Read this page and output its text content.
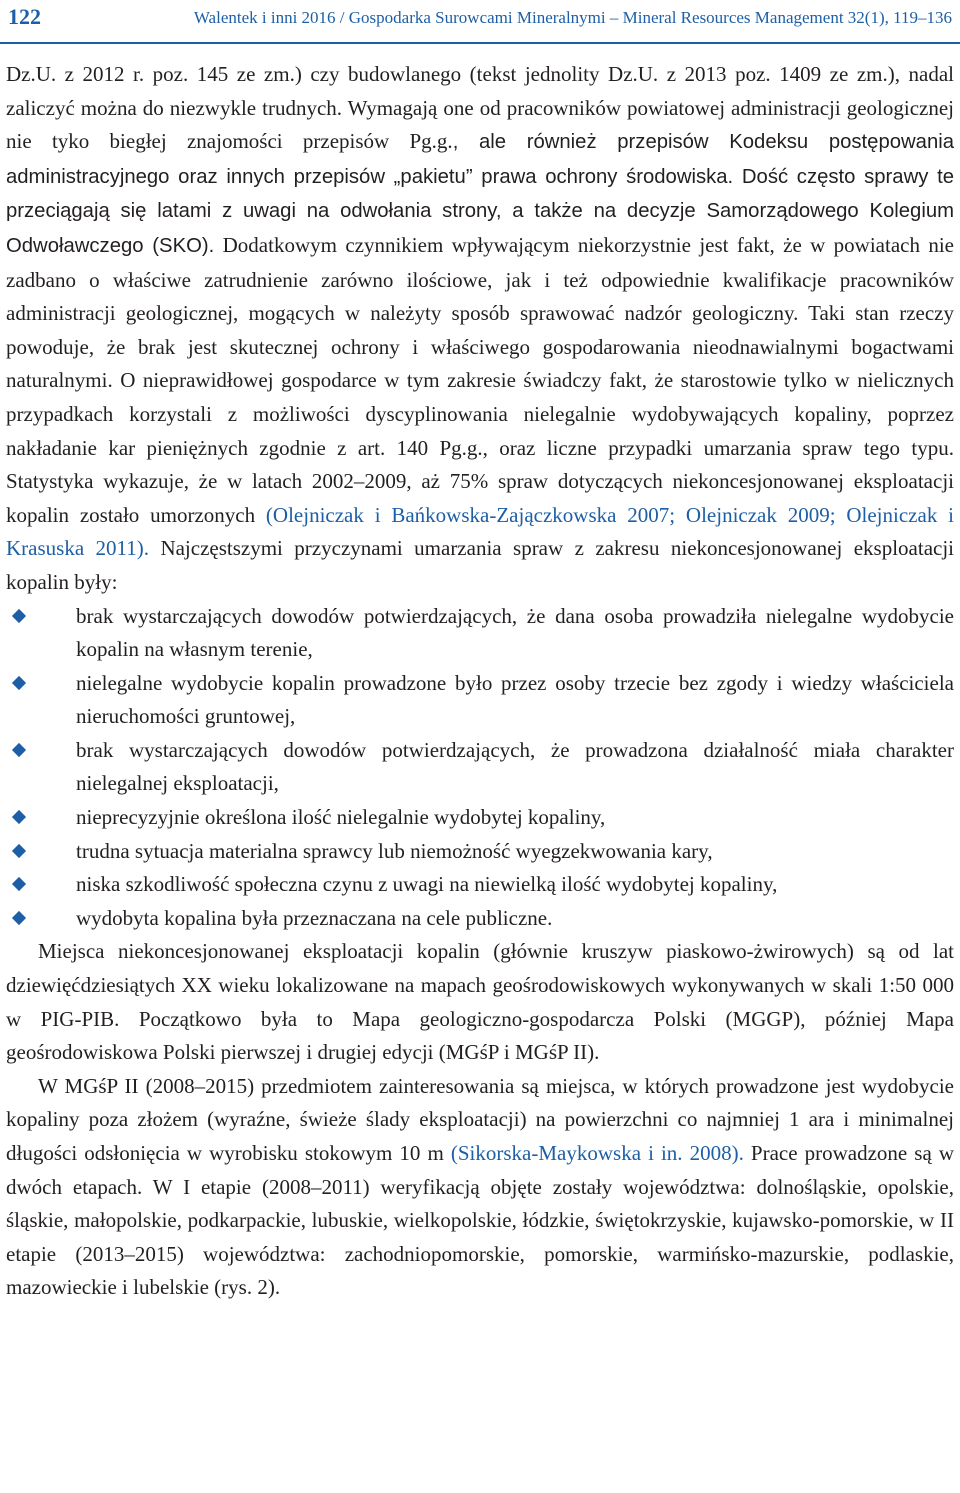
122	Walentek i inni 2016 / Gospodarka Surowcami Mineralnymi – Mineral Resources Management 32(1), 119–136

Dz.U. z 2012 r. poz. 145 ze zm.) czy budowlanego (tekst jednolity Dz.U. z 2013 poz. 1409 ze zm.), nadal zaliczyć można do niezwykle trudnych. Wymagają one od pracowników powiatowej administracji geologicznej nie tyko biegłej znajomości przepisów Pg.g., ale również przepisów Kodeksu postępowania administracyjnego oraz innych przepisów „pakietu” prawa ochrony środowiska. Dość często sprawy te przeciągają się latami z uwagi na odwołania strony, a także na decyzje Samorządowego Kolegium Odwoławczego (SKO). Dodatkowym czynnikiem wpływającym niekorzystnie jest fakt, że w powiatach nie zadbano o właściwe zatrudnienie zarówno ilościowe, jak i też odpowiednie kwalifikacje pracowników administracji geologicznej, mogących w należyty sposób sprawować nadzór geologiczny. Taki stan rzeczy powoduje, że brak jest skutecznej ochrony i właściwego gospodarowania nieodnawialnymi bogactwami naturalnymi. O nieprawidłowej gospodarce w tym zakresie świadczy fakt, że starostowie tylko w nielicznych przypadkach korzystali z możliwości dyscyplinowania nielegalnie wydobywających kopaliny, poprzez nakładanie kar pieniężnych zgodnie z art. 140 Pg.g., oraz liczne przypadki umarzania spraw tego typu. Statystyka wykazuje, że w latach 2002–2009, aż 75% spraw dotyczących niekoncesjonowanej eksploatacji kopalin zostało umorzonych (Olejniczak i Bańkowska-Zajączkowska 2007; Olejniczak 2009; Olejniczak i Krasuska 2011). Najczęstszymi przyczynami umarzania spraw z zakresu niekoncesjonowanej eksploatacji kopalin były:

brak wystarczających dowodów potwierdzających, że dana osoba prowadziła nielegalne wydobycie kopalin na własnym terenie,
nielegalne wydobycie kopalin prowadzone było przez osoby trzecie bez zgody i wiedzy właściciela nieruchomości gruntowej,
brak wystarczających dowodów potwierdzających, że prowadzona działalność miała charakter nielegalnej eksploatacji,
nieprecyzyjnie określona ilość nielegalnie wydobytej kopaliny,
trudna sytuacja materialna sprawcy lub niemożność wyegzekwowania kary,
niska szkodliwość społeczna czynu z uwagi na niewielką ilość wydobytej kopaliny,
wydobyta kopalina była przeznaczana na cele publiczne.

Miejsca niekoncesjonowanej eksploatacji kopalin (głównie kruszyw piaskowo-żwirowych) są od lat dziewięćdziesiątych XX wieku lokalizowane na mapach geośrodowiskowych wykonywanych w skali 1:50 000 w PIG-PIB. Początkowo była to Mapa geologiczno-gospodarcza Polski (MGGP), później Mapa geośrodowiskowa Polski pierwszej i drugiej edycji (MGśP i MGśP II).

W MGśP II (2008–2015) przedmiotem zainteresowania są miejsca, w których prowadzone jest wydobycie kopaliny poza złożem (wyraźne, świeże ślady eksploatacji) na powierzchni co najmniej 1 ara i minimalnej długości odsłonięcia w wyrobisku stokowym 10 m (Sikorska-Maykowska i in. 2008). Prace prowadzone są w dwóch etapach. W I etapie (2008–2011) weryfikacją objęte zostały województwa: dolnośląskie, opolskie, śląskie, małopolskie, podkarpackie, lubuskie, wielkopolskie, łódzkie, świętokrzyskie, kujawsko-pomorskie, w II etapie (2013–2015) województwa: zachodniopomorskie, pomorskie, warmińsko-mazurskie, podlaskie, mazowieckie i lubelskie (rys. 2).
